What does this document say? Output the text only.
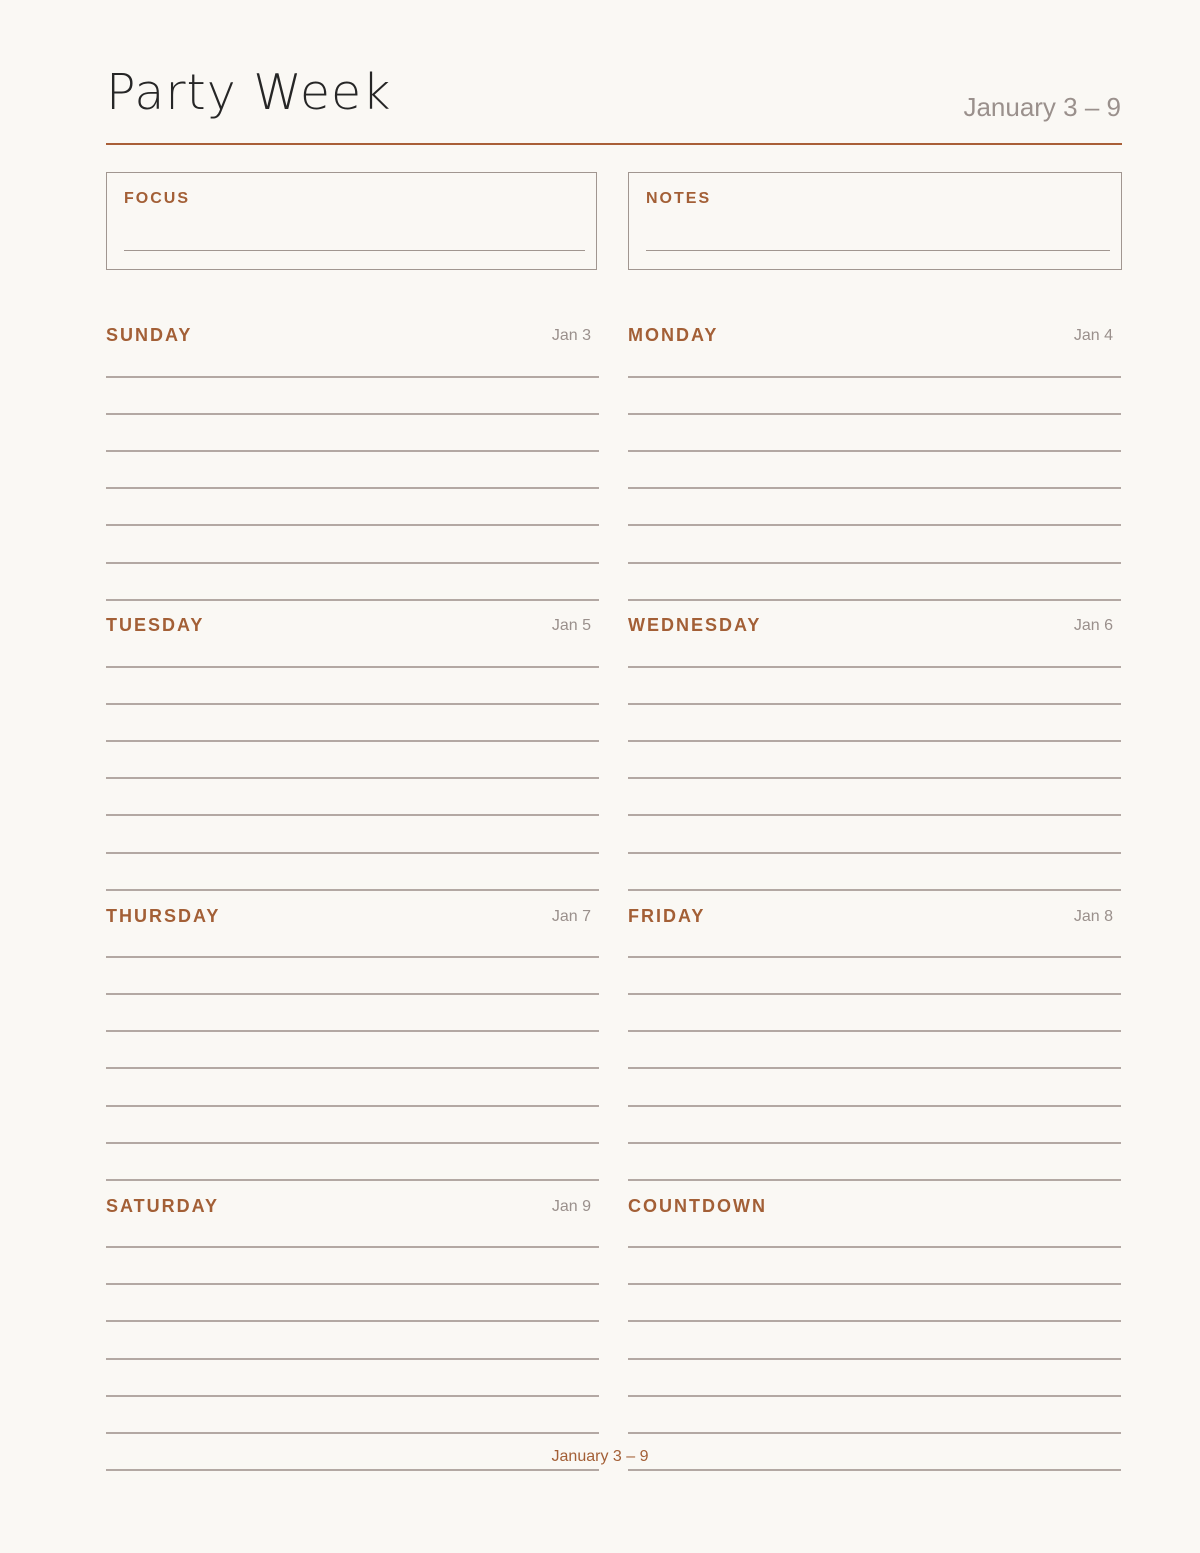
Party Week	January 3 – 9
FOCUS	NOTES
SUNDAY	Jan 3 MONDAY	Jan 4
TUESDAY	Jan 5 WEDNESDAY	Jan 6
THURSDAY	Jan 7 FRIDAY	Jan 8
SATURDAY	Jan 9 COUNTDOWN
January 3 – 9
